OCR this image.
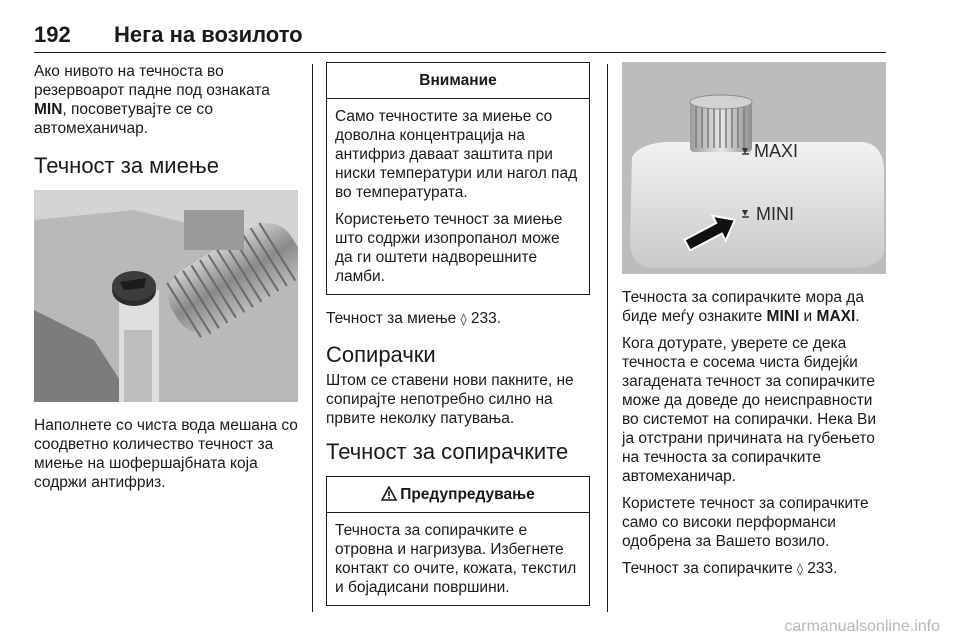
192 Нега на возилото

Ако нивото на течноста во резервоарот падне под ознаката MIN, посоветувајте се со автомеханичар.

Течност за миење

Наполнете со чиста вода мешана со соодветно количество течност за миење на шофершајбната која содржи антифриз.

Внимание

Само течностите за миење со доволна концентрација на антифриз даваат заштита при ниски температури или нагол пад во температурата.

Користењето течност за миење што содржи изопропанол може да ги оштети надворешните ламби.

Течност за миење ◊ 233.

Сопирачки

Штом се ставени нови пакните, не сопирајте непотребно силно на првите неколку патувања.

Течност за сопирачките
Предупредување

Течноста за сопирачките е отровна и нагризува. Избегнете контакт со очите, кожата, текстил и бојадисани површини.

MAXI
MINI

Течноста за сопирачките мора да биде меѓу ознаките MINI и MAXI.

Кога дотурате, уверете се дека течноста е сосема чиста бидејќи загадената течност за сопирачките може да доведе до неисправности во системот на сопирачки. Нека Ви ја отстрани причината на губењето на течноста за сопирачките автомеханичар.

Користете течност за сопирачките само со високи перформанси одобрена за Вашето возило.

Течност за сопирачките ◊ 233.

carmanualsonline.info
